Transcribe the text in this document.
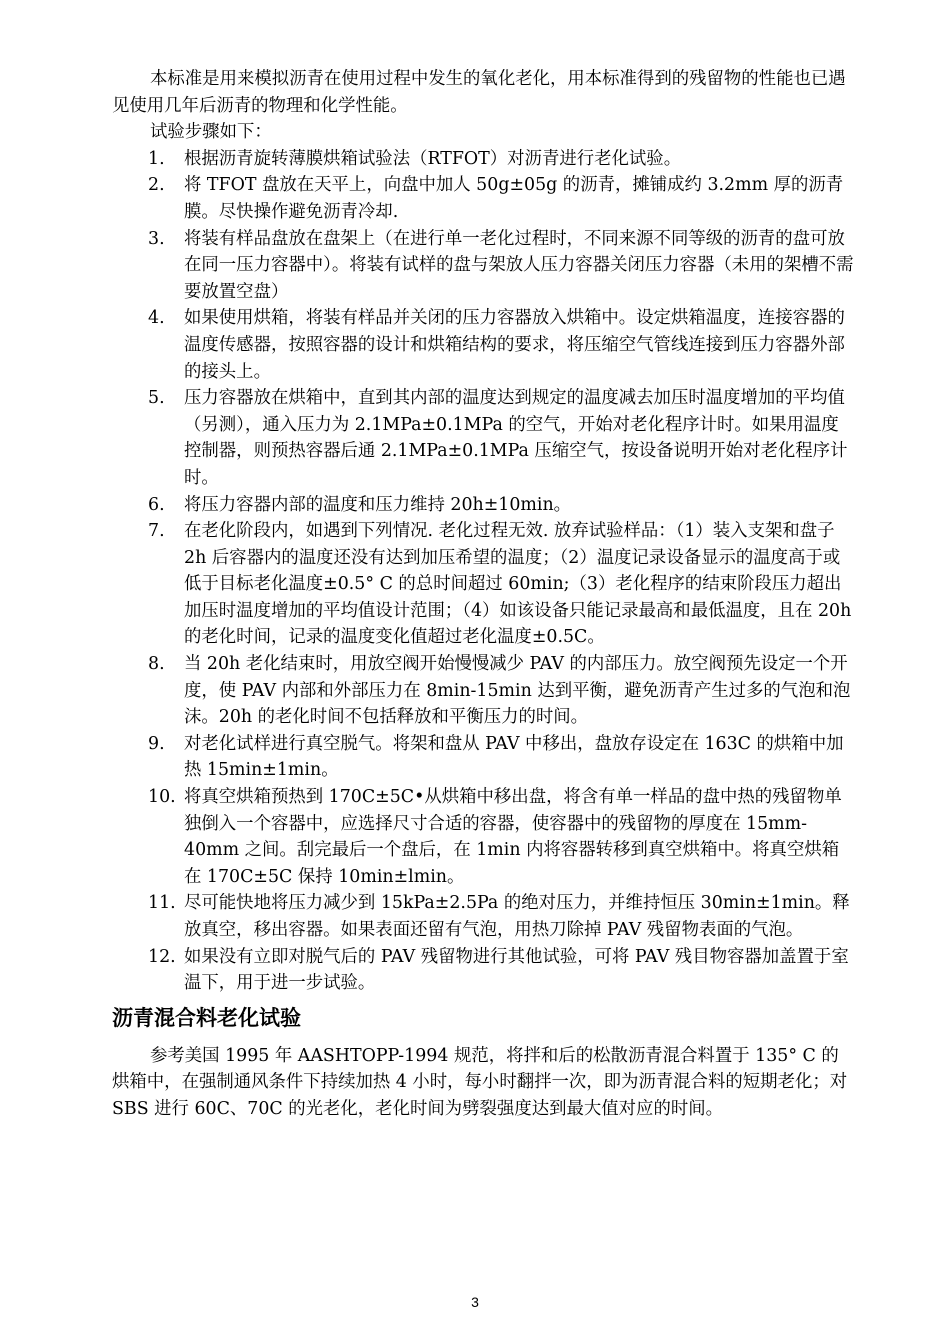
本标准是用来模拟沥青在使用过程中发生的氧化老化，用本标准得到的残留物的性能也已遇见使用几年后沥青的物理和化学性能。

试验步骤如下：

1. 根据沥青旋转薄膜烘箱试验法（RTFOT）对沥青进行老化试验。
2. 将 TFOT 盘放在天平上，向盘中加人 50g±05g 的沥青，摊铺成约 3.2mm 厚的沥青膜。尽快操作避免沥青冷却.
3. 将装有样品盘放在盘架上（在进行单一老化过程时，不同来源不同等级的沥青的盘可放在同一压力容器中）。将装有试样的盘与架放人压力容器关闭压力容器（未用的架槽不需要放置空盘）
4. 如果使用烘箱，将装有样品并关闭的压力容器放入烘箱中。设定烘箱温度，连接容器的温度传感器，按照容器的设计和烘箱结构的要求，将压缩空气管线连接到压力容器外部的接头上。
5. 压力容器放在烘箱中，直到其内部的温度达到规定的温度减去加压时温度增加的平均值（另测），通入压力为 2.1MPa±0.1MPa 的空气，开始对老化程序计时。如果用温度控制器，则预热容器后通 2.1MPa±0.1MPa 压缩空气，按设备说明开始对老化程序计时。
6. 将压力容器内部的温度和压力维持 20h±10min。
7. 在老化阶段内，如遇到下列情况. 老化过程无效. 放弃试验样品：（1）装入支架和盘子 2h 后容器内的温度还没有达到加压希望的温度；（2）温度记录设备显示的温度高于或低于目标老化温度±0.5° C 的总时间超过 60min;（3）老化程序的结束阶段压力超出加压时温度增加的平均值设计范围；（4）如该设备只能记录最高和最低温度，且在 20h 的老化时间，记录的温度变化值超过老化温度±0.5C。
8. 当 20h 老化结束时，用放空阀开始慢慢减少 PAV 的内部压力。放空阀预先设定一个开度，使 PAV 内部和外部压力在 8min-15min 达到平衡，避免沥青产生过多的气泡和泡沫。20h 的老化时间不包括释放和平衡压力的时间。
9. 对老化试样进行真空脱气。将架和盘从 PAV 中移出，盘放存设定在 163C 的烘箱中加热 15min±1min。
10. 将真空烘箱预热到 170C±5C•从烘箱中移出盘，将含有单一样品的盘中热的残留物单独倒入一个容器中，应选择尺寸合适的容器，使容器中的残留物的厚度在 15mm-40mm 之间。刮完最后一个盘后，在 1min 内将容器转移到真空烘箱中。将真空烘箱在 170C±5C 保持 10min±lmin。
11. 尽可能快地将压力减少到 15kPa±2.5Pa 的绝对压力，并维持恒压 30min±1min。释放真空，移出容器。如果表面还留有气泡，用热刀除掉 PAV 残留物表面的气泡。
12. 如果没有立即对脱气后的 PAV 残留物进行其他试验，可将 PAV 残目物容器加盖置于室温下，用于进一步试验。
沥青混合料老化试验

参考美国 1995 年 AASHTOPP-1994 规范，将拌和后的松散沥青混合料置于 135° C 的烘箱中，在强制通风条件下持续加热 4 小时，每小时翻拌一次，即为沥青混合料的短期老化；对 SBS 进行 60C、70C 的光老化，老化时间为劈裂强度达到最大值对应的时间。

3
